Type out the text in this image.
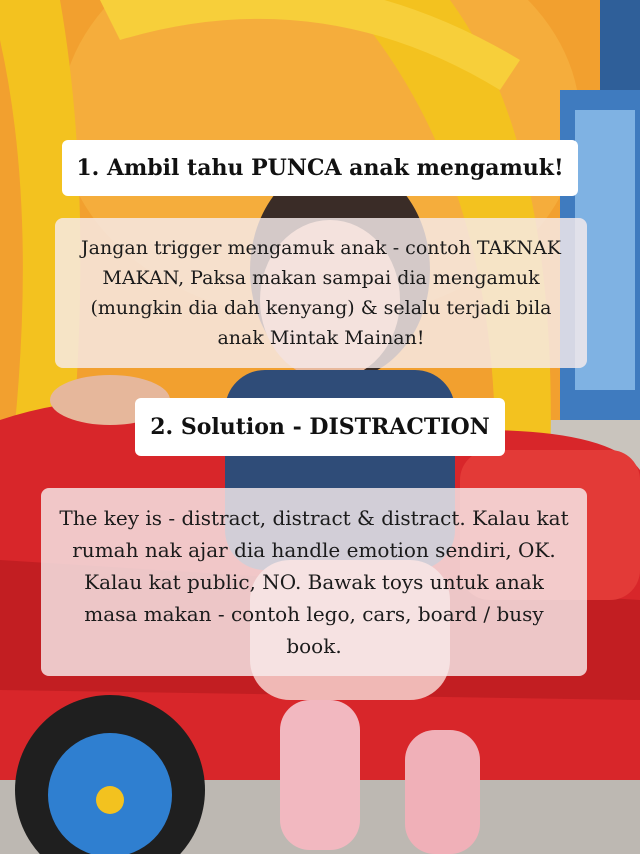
1. Ambil tahu PUNCA anak mengamuk!
Jangan trigger mengamuk anak - contoh TAKNAK MAKAN, Paksa makan sampai dia mengamuk (mungkin dia dah kenyang) & selalu terjadi bila anak Mintak Mainan!
2. Solution - DISTRACTION
The key is - distract, distract & distract. Kalau kat rumah nak ajar dia handle emotion sendiri, OK. Kalau kat public, NO. Bawak toys untuk anak masa makan - contoh lego, cars, board / busy book.
